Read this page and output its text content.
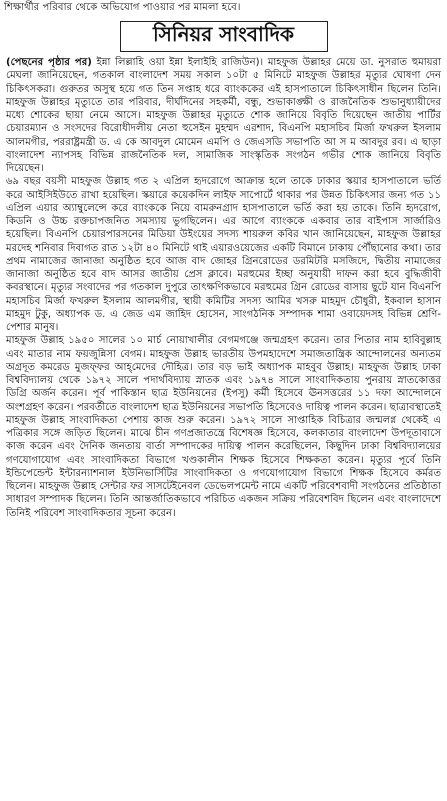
শিক্ষার্থীর পরিবার থেকে অভিযোগ পাওয়ার পর মামলা হবে।
সিনিয়র সাংবাদিক

(পেছনের পৃষ্ঠার পর) ইন্না লিল্লাহি ওয়া ইন্না ইলাইহি রাজিউন)। মাহফুজ উল্লাহর মেয়ে ডা. নুসরাত হুমায়রা মেঘলা জানিয়েছেন, গতকাল বাংলাদেশ সময় সকাল ১০টা ৫ মিনিটে মাহফুজ উল্লাহর মৃত্যুর ঘোষণা দেন চিকিৎসকরা। গুরুতর অসুস্থ হয়ে গত তিন সপ্তাহ ধরে ব্যাংককের এই হাসপাতালে চিকিৎসাধীন ছিলেন তিনি। মাহফুজ উল্লাহর মৃত্যুতে তার পরিবার, দীর্ঘদিনের সহকর্মী, বন্ধু, শুভাকাঙ্ক্ষী ও রাজনৈতিক শুভানুধ্যায়ীদের মধ্যে শোকের ছায়া নেমে আসে। মাহফুজ উল্লাহর মৃত্যুতে শোক জানিয়ে বিবৃতি দিয়েছেন জাতীয় পার্টির চেয়ারম্যান ও সংসদের বিরোধীদলীয় নেতা হুসেইন মুহম্মদ এরশাদ, বিএনপি মহাসচিব মির্জা ফখরুল ইসলাম আলমগীর, পররাষ্ট্রমন্ত্রী ড. এ কে আবদুল মোমেন এমপি ও জেএসডি সভাপতি আ স ম আবদুর রব। এ ছাড়া বাংলাদেশ ন্যাপসহ বিভিন্ন রাজনৈতিক দল, সামাজিক সাংস্কৃতিক সংগঠন গভীর শোক জানিয়ে বিবৃতি দিয়েছেন।

৬৯ বছর বয়সী মাহফুজ উল্লাহ গত ২ এপ্রিল হৃদরোগে আক্রান্ত হলে তাকে ঢাকার স্কয়ার হাসপাতালে ভর্তি করে আইসিইউতে রাখা হয়েছিল। স্কয়ারে কয়েকদিন লাইফ সাপোর্টে থাকার পর উন্নত চিকিৎসার জন্য গত ১১ এপ্রিল এয়ার অ্যাম্বুলেন্সে করে ব্যাংককে নিয়ে বামরুনগ্রাদ হাসপাতালে ভর্তি করা হয় তাকে। তিনি হৃদরোগ, কিডনি ও উচ্চ রক্তচাপজনিত সমস্যায় ভুগছিলেন। এর আগে ব্যাংককে একবার তার বাইপাস সার্জারিও হয়েছিল। বিএনপি চেয়ারপারসনের মিডিয়া উইংয়ের সদস্য শায়রুল কবির খান জানিয়েছেন, মাহফুজ উল্লাহর মরদেহ শনিবার দিবাগত রাত ১২টা ৪০ মিনিটে থাই এয়ারওয়েজের একটি বিমানে ঢাকায় পৌঁছানোর কথা। তার প্রথম নামাজের জানাজা অনুষ্ঠিত হবে আজ বাদ জোহর গ্রিনরোডের ডরমিটরি মসজিদে, দ্বিতীয় নামাজের জানাজা অনুষ্ঠিত হবে বাদ আসর জাতীয় প্রেস ক্লাবে। মরহুমের ইচ্ছা অনুযায়ী দাফন করা হবে বুদ্ধিজীবী কবরস্থানে। মৃত্যুর সংবাদের পর গতকাল দুপুরে তাৎক্ষণিকভাবে মরহুমের গ্রিন রোডের বাসায় ছুটে যান বিএনপি মহাসচিব মির্জা ফখরুল ইসলাম আলমগীর, স্থায়ী কমিটির সদস্য আমির খসরু মাহমুদ চৌধুরী, ইকবাল হাসান মাহমুদ টুকু, অধ্যাপক ড. এ জেড এম জাহিদ হোসেন, সাংগঠনিক সম্পাদক শামা ওবায়েদসহ বিভিন্ন শ্রেণি-পেশার মানুষ।

মাহফুজ উল্লাহ ১৯৫০ সালের ১০ মার্চ নোয়াখালীর বেগমগঞ্জে জন্মগ্রহণ করেন। তার পিতার নাম হাবিবুল্লাহ এবং মাতার নাম ফয়জুন্নিসা বেগম। মাহফুজ উল্লাহ ভারতীয় উপমহাদেশে সমাজতান্ত্রিক আন্দোলনের অন্যতম অগ্রদূত কমরেড মুজফ্‌ফর আহ্‌মেদের দৌহিত্র। তার বড় ভাই অধ্যাপক মাহবুব উল্লাহ। মাহফুজ উল্লাহ ঢাকা বিশ্ববিদ্যালয় থেকে ১৯৭২ সালে পদার্থবিদ্যায় স্নাতক এবং ১৯৭৪ সালে সাংবাদিকতায় পুনরায় স্নাতকোত্তর ডিগ্রি অর্জন করেন। পূর্ব পাকিস্তান ছাত্র ইউনিয়নের (ইপসু) কর্মী হিসেবে ঊনসত্তরের ১১ দফা আন্দোলনে অংশগ্রহণ করেন। পরবর্তীতে বাংলাদেশ ছাত্র ইউনিয়নের সভাপতি হিসেবেও দায়িত্ব পালন করেন। ছাত্রাবস্থাতেই মাহফুজ উল্লাহ সাংবাদিকতা পেশায় কাজ শুরু করেন। ১৯৭২ সালে সাপ্তাহিক বিচিত্রার জন্মলগ্ন থেকেই এ পত্রিকার সঙ্গে জড়িত ছিলেন। মাঝে চীন গণপ্রজাতন্ত্রে বিশেষজ্ঞ হিসেবে, কলকাতার বাংলাদেশ উপদূতাবাসে কাজ করেন এবং দৈনিক জনতায় বার্তা সম্পাদকের দায়িত্ব পালন করেছিলেন, কিছুদিন ঢাকা বিশ্ববিদ্যালয়ের গণযোগাযোগ এবং সাংবাদিকতা বিভাগে খণ্ডকালীন শিক্ষক হিসেবে শিক্ষকতা করেন। মৃত্যুর পূর্বে তিনি ইন্ডিপেন্ডেন্ট ইন্টারন্যাশনাল ইউনিভার্সিটির সাংবাদিকতা ও গণযোগাযোগ বিভাগে শিক্ষক হিসেবে কর্মরত ছিলেন। মাহফুজ উল্লাহ সেন্টার ফর সাসটেইনেবল ডেভেলপমেন্ট নামে একটি পরিবেশবাদী সংগঠনের প্রতিষ্ঠাতা সাধারণ সম্পাদক ছিলেন। তিনি আন্তর্জাতিকভাবে পরিচিত একজন সক্রিয় পরিবেশবিদ ছিলেন এবং বাংলাদেশে তিনিই পরিবেশ সাংবাদিকতার সূচনা করেন।
